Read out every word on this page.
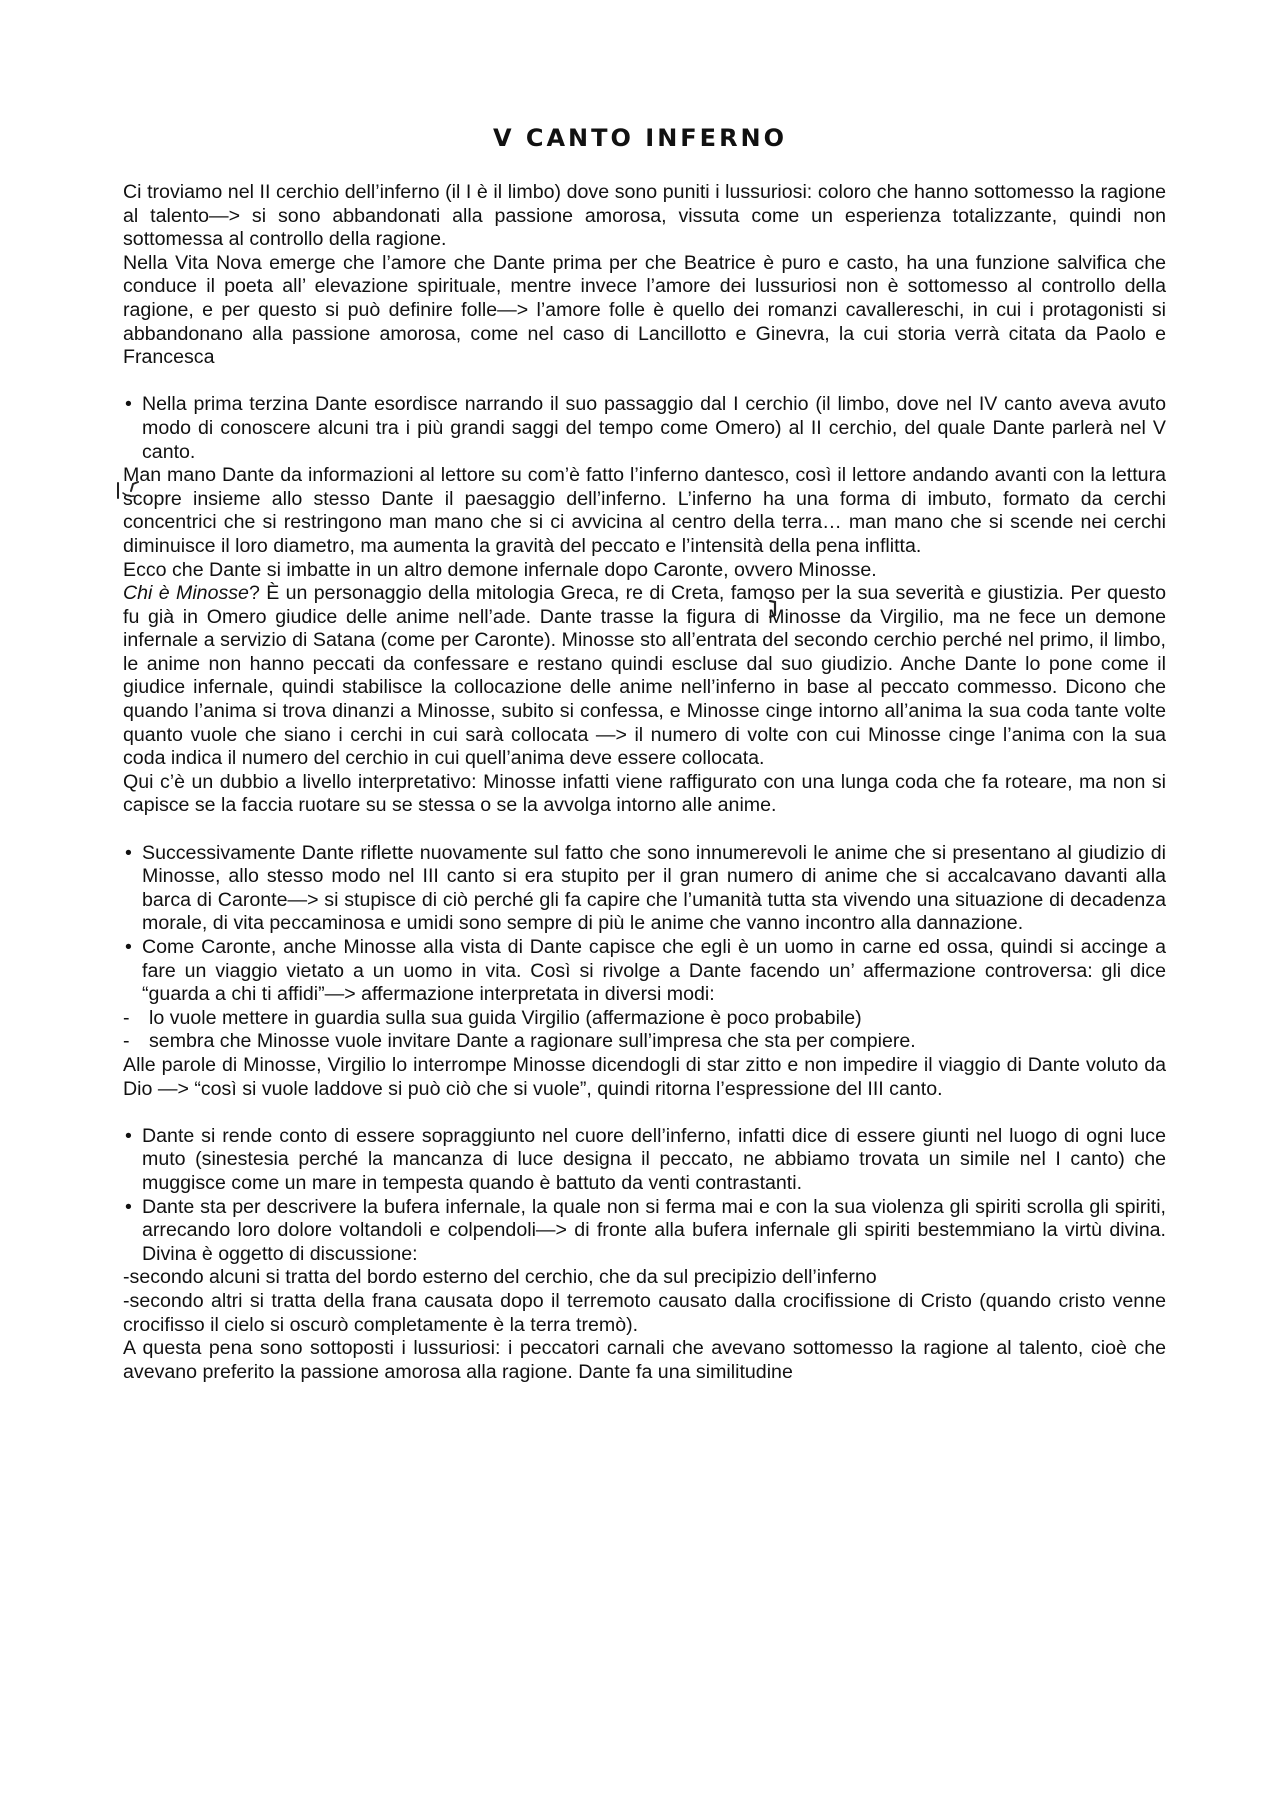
V CANTO INFERNO

Ci troviamo nel II cerchio dell’inferno (il I è il limbo) dove sono puniti i lussuriosi: coloro che hanno sottomesso la ragione al talento—> si sono abbandonati alla passione amorosa, vissuta come un esperienza totalizzante, quindi non sottomessa al controllo della ragione.

Nella Vita Nova emerge che l’amore che Dante prima per che Beatrice è puro e casto, ha una funzione salvifica che conduce il poeta all’ elevazione spirituale, mentre invece l’amore dei lussuriosi non è sottomesso al controllo della ragione, e per questo si può definire folle—> l’amore folle è quello dei romanzi cavallereschi, in cui i protagonisti si abbandonano alla passione amorosa, come nel caso di Lancillotto e Ginevra, la cui storia verrà citata da Paolo e Francesca

• Nella prima terzina Dante esordisce narrando il suo passaggio dal I cerchio (il limbo, dove nel IV canto aveva avuto modo di conoscere alcuni tra i più grandi saggi del tempo come Omero) al II cerchio, del quale Dante parlerà nel V canto.

Man mano Dante da informazioni al lettore su com’è fatto l’inferno dantesco, così il lettore andando avanti con la lettura scopre insieme allo stesso Dante il paesaggio dell’inferno. L’inferno ha una forma di imbuto, formato da cerchi concentrici che si restringono man mano che si ci avvicina al centro della terra… man mano che si scende nei cerchi diminuisce il loro diametro, ma aumenta la gravità del peccato e l’intensità della pena inflitta.

Ecco che Dante si imbatte in un altro demone infernale dopo Caronte, ovvero Minosse.

Chi è Minosse? È un personaggio della mitologia Greca, re di Creta, famoso per la sua severità e giustizia. Per questo fu già in Omero giudice delle anime nell’ade. Dante trasse la figura di Minosse da Virgilio, ma ne fece un demone infernale a servizio di Satana (come per Caronte). Minosse sto all’entrata del secondo cerchio perché nel primo, il limbo, le anime non hanno peccati da confessare e restano quindi escluse dal suo giudizio. Anche Dante lo pone come il giudice infernale, quindi stabilisce la collocazione delle anime nell’inferno in base al peccato commesso. Dicono che quando l’anima si trova dinanzi a Minosse, subito si confessa, e Minosse cinge intorno all’anima la sua coda tante volte quanto vuole che siano i cerchi in cui sarà collocata —> il numero di volte con cui Minosse cinge l’anima con la sua coda indica il numero del cerchio in cui quell’anima deve essere collocata.

Qui c’è un dubbio a livello interpretativo: Minosse infatti viene raffigurato con una lunga coda che fa roteare, ma non si capisce se la faccia ruotare su se stessa o se la avvolga intorno alle anime.

• Successivamente Dante riflette nuovamente sul fatto che sono innumerevoli le anime che si presentano al giudizio di Minosse, allo stesso modo nel III canto si era stupito per il gran numero di anime che si accalcavano davanti alla barca di Caronte—> si stupisce di ciò perché gli fa capire che l’umanità tutta sta vivendo una situazione di decadenza morale, di vita peccaminosa e umidi sono sempre di più le anime che vanno incontro alla dannazione.
• Come Caronte, anche Minosse alla vista di Dante capisce che egli è un uomo in carne ed ossa, quindi si accinge a fare un viaggio vietato a un uomo in vita. Così si rivolge a Dante facendo un’ affermazione controversa: gli dice “guarda a chi ti affidi”—> affermazione interpretata in diversi modi:
- lo vuole mettere in guardia sulla sua guida Virgilio (affermazione è poco probabile)
- sembra che Minosse vuole invitare Dante a ragionare sull’impresa che sta per compiere.

Alle parole di Minosse, Virgilio lo interrompe Minosse dicendogli di star zitto e non impedire il viaggio di Dante voluto da Dio —> “così si vuole laddove si può ciò che si vuole”, quindi ritorna l’espressione del III canto.

• Dante si rende conto di essere sopraggiunto nel cuore dell’inferno, infatti dice di essere giunti nel luogo di ogni luce muto (sinestesia perché la mancanza di luce designa il peccato, ne abbiamo trovata un simile nel I canto) che muggisce come un mare in tempesta quando è battuto da venti contrastanti.
• Dante sta per descrivere la bufera infernale, la quale non si ferma mai e con la sua violenza gli spiriti scrolla gli spiriti, arrecando loro dolore voltandoli e colpendoli—> di fronte alla bufera infernale gli spiriti bestemmiano la virtù divina. Divina è oggetto di discussione:

-secondo alcuni si tratta del bordo esterno del cerchio, che da sul precipizio dell’inferno

-secondo altri si tratta della frana causata dopo il terremoto causato dalla crocifissione di Cristo (quando cristo venne crocifisso il cielo si oscurò completamente è la terra tremò).

A questa pena sono sottoposti i lussuriosi: i peccatori carnali che avevano sottomesso la ragione al talento, cioè che avevano preferito la passione amorosa alla ragione. Dante fa una similitudine
